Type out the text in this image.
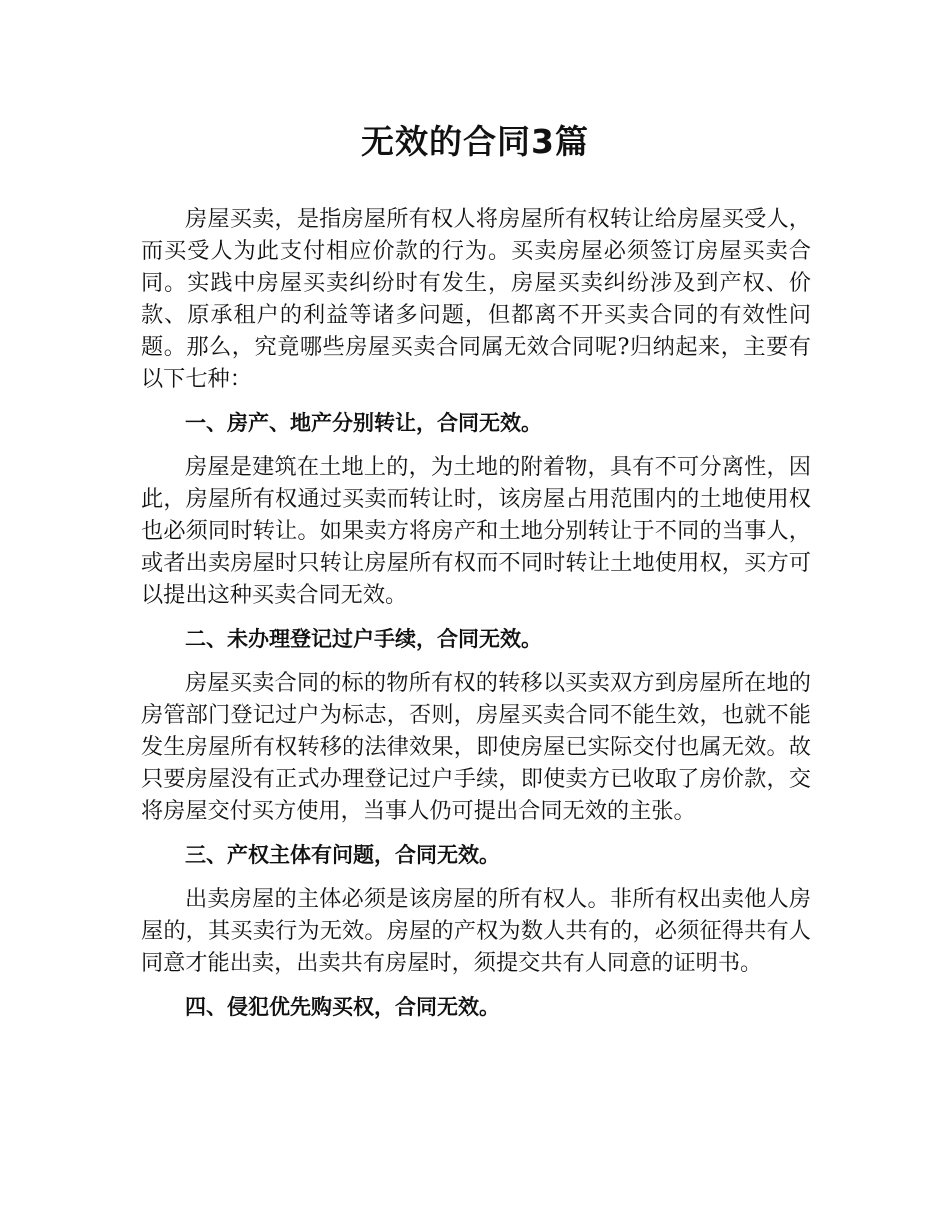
无效的合同3篇

房屋买卖，是指房屋所有权人将房屋所有权转让给房屋买受人，而买受人为此支付相应价款的行为。买卖房屋必须签订房屋买卖合同。实践中房屋买卖纠纷时有发生，房屋买卖纠纷涉及到产权、价款、原承租户的利益等诸多问题，但都离不开买卖合同的有效性问题。那么，究竟哪些房屋买卖合同属无效合同呢?归纳起来，主要有以下七种：

一、房产、地产分别转让，合同无效。

房屋是建筑在土地上的，为土地的附着物，具有不可分离性，因此，房屋所有权通过买卖而转让时，该房屋占用范围内的土地使用权也必须同时转让。如果卖方将房产和土地分别转让于不同的当事人，或者出卖房屋时只转让房屋所有权而不同时转让土地使用权，买方可以提出这种买卖合同无效。

二、未办理登记过户手续，合同无效。

房屋买卖合同的标的物所有权的转移以买卖双方到房屋所在地的房管部门登记过户为标志，否则，房屋买卖合同不能生效，也就不能发生房屋所有权转移的法律效果，即使房屋已实际交付也属无效。故只要房屋没有正式办理登记过户手续，即使卖方已收取了房价款，交将房屋交付买方使用，当事人仍可提出合同无效的主张。

三、产权主体有问题，合同无效。

出卖房屋的主体必须是该房屋的所有权人。非所有权出卖他人房屋的，其买卖行为无效。房屋的产权为数人共有的，必须征得共有人同意才能出卖，出卖共有房屋时，须提交共有人同意的证明书。

四、侵犯优先购买权，合同无效。
